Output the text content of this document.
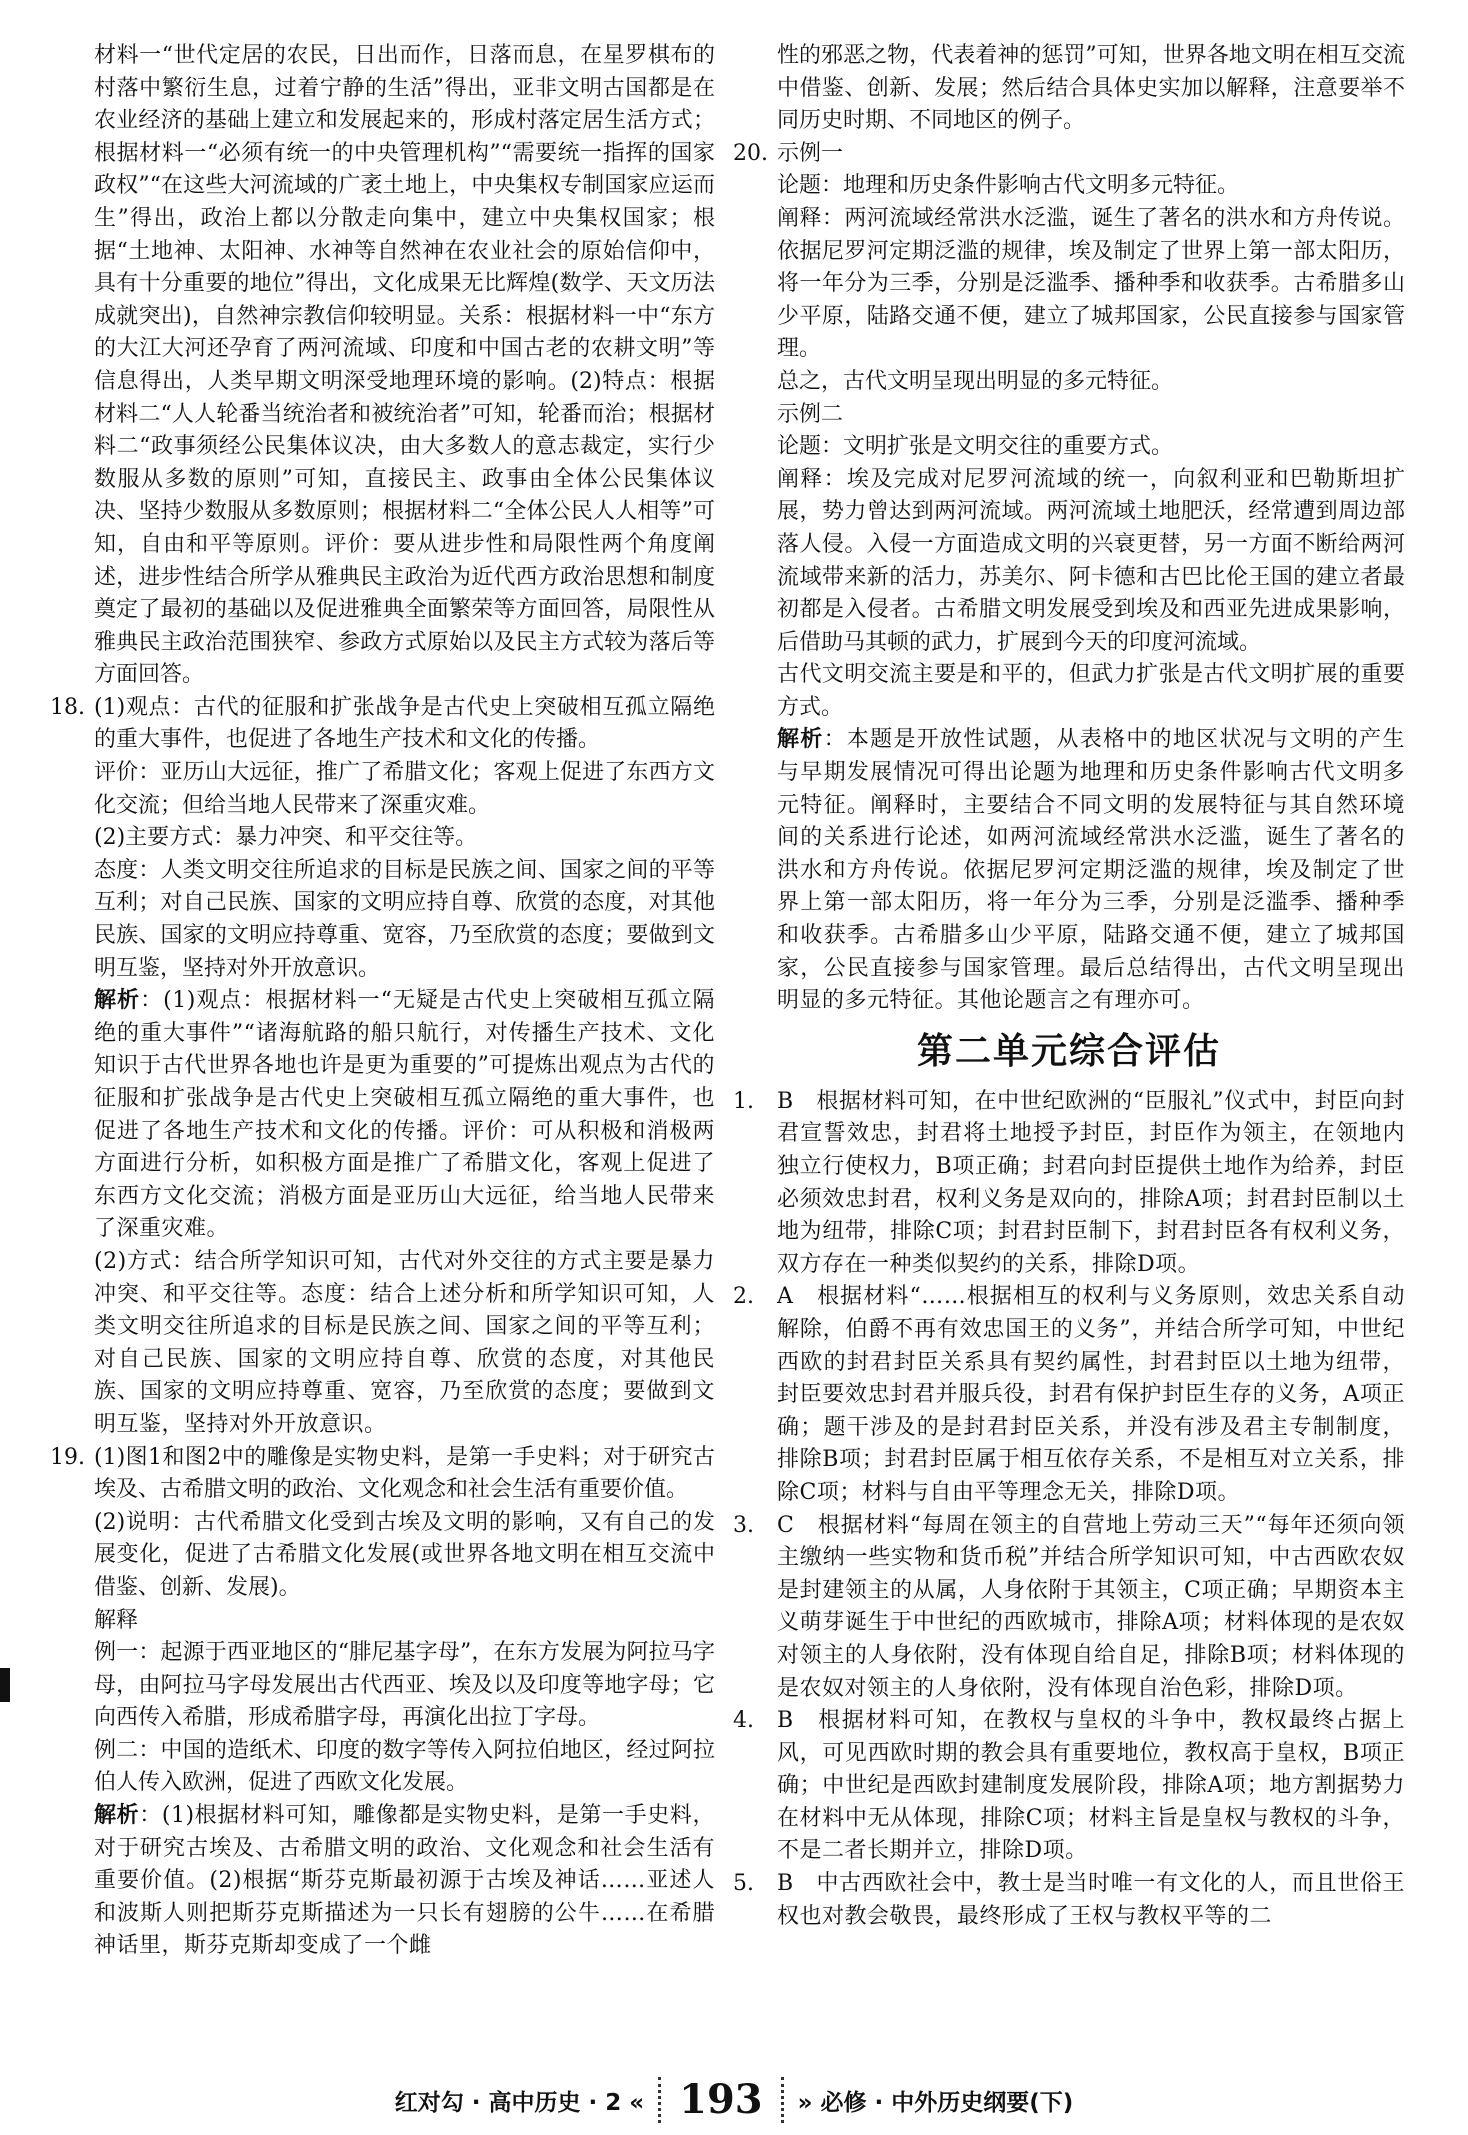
材料一“世代定居的农民，日出而作，日落而息，在星罗棋布的村落中繁衍生息，过着宁静的生活”得出，亚非文明古国都是在农业经济的基础上建立和发展起来的，形成村落定居生活方式；根据材料一“必须有统一的中央管理机构”“需要统一指挥的国家政权”“在这些大河流域的广袤土地上，中央集权专制国家应运而生”得出，政治上都以分散走向集中，建立中央集权国家；根据“土地神、太阳神、水神等自然神在农业社会的原始信仰中，具有十分重要的地位”得出，文化成果无比辉煌(数学、天文历法成就突出)，自然神宗教信仰较明显。关系：根据材料一中“东方的大江大河还孕育了两河流域、印度和中国古老的农耕文明”等信息得出，人类早期文明深受地理环境的影响。(2)特点：根据材料二“人人轮番当统治者和被统治者”可知，轮番而治；根据材料二“政事须经公民集体议决，由大多数人的意志裁定，实行少数服从多数的原则”可知，直接民主、政事由全体公民集体议决、坚持少数服从多数原则；根据材料二“全体公民人人相等”可知，自由和平等原则。评价：要从进步性和局限性两个角度阐述，进步性结合所学从雅典民主政治为近代西方政治思想和制度奠定了最初的基础以及促进雅典全面繁荣等方面回答，局限性从雅典民主政治范围狭窄、参政方式原始以及民主方式较为落后等方面回答。

18. (1)观点：古代的征服和扩张战争是古代史上突破相互孤立隔绝的重大事件，也促进了各地生产技术和文化的传播。

评价：亚历山大远征，推广了希腊文化；客观上促进了东西方文化交流；但给当地人民带来了深重灾难。

(2)主要方式：暴力冲突、和平交往等。

态度：人类文明交往所追求的目标是民族之间、国家之间的平等互利；对自己民族、国家的文明应持自尊、欣赏的态度，对其他民族、国家的文明应持尊重、宽容，乃至欣赏的态度；要做到文明互鉴，坚持对外开放意识。

解析：(1)观点：根据材料一“无疑是古代史上突破相互孤立隔绝的重大事件”“诸海航路的船只航行，对传播生产技术、文化知识于古代世界各地也许是更为重要的”可提炼出观点为古代的征服和扩张战争是古代史上突破相互孤立隔绝的重大事件，也促进了各地生产技术和文化的传播。评价：可从积极和消极两方面进行分析，如积极方面是推广了希腊文化，客观上促进了东西方文化交流；消极方面是亚历山大远征，给当地人民带来了深重灾难。

(2)方式：结合所学知识可知，古代对外交往的方式主要是暴力冲突、和平交往等。态度：结合上述分析和所学知识可知，人类文明交往所追求的目标是民族之间、国家之间的平等互利；对自己民族、国家的文明应持自尊、欣赏的态度，对其他民族、国家的文明应持尊重、宽容，乃至欣赏的态度；要做到文明互鉴，坚持对外开放意识。

19. (1)图1和图2中的雕像是实物史料，是第一手史料；对于研究古埃及、古希腊文明的政治、文化观念和社会生活有重要价值。

(2)说明：古代希腊文化受到古埃及文明的影响，又有自己的发展变化，促进了古希腊文化发展(或世界各地文明在相互交流中借鉴、创新、发展)。

解释

例一：起源于西亚地区的“腓尼基字母”，在东方发展为阿拉马字母，由阿拉马字母发展出古代西亚、埃及以及印度等地字母；它向西传入希腊，形成希腊字母，再演化出拉丁字母。

例二：中国的造纸术、印度的数字等传入阿拉伯地区，经过阿拉伯人传入欧洲，促进了西欧文化发展。

解析：(1)根据材料可知，雕像都是实物史料，是第一手史料，对于研究古埃及、古希腊文明的政治、文化观念和社会生活有重要价值。(2)根据“斯芬克斯最初源于古埃及神话……亚述人和波斯人则把斯芬克斯描述为一只长有翅膀的公牛……在希腊神话里，斯芬克斯却变成了一个雌

性的邪恶之物，代表着神的惩罚”可知，世界各地文明在相互交流中借鉴、创新、发展；然后结合具体史实加以解释，注意要举不同历史时期、不同地区的例子。

20. 示例一

论题：地理和历史条件影响古代文明多元特征。

阐释：两河流域经常洪水泛滥，诞生了著名的洪水和方舟传说。依据尼罗河定期泛滥的规律，埃及制定了世界上第一部太阳历，将一年分为三季，分别是泛滥季、播种季和收获季。古希腊多山少平原，陆路交通不便，建立了城邦国家，公民直接参与国家管理。

总之，古代文明呈现出明显的多元特征。

示例二

论题：文明扩张是文明交往的重要方式。

阐释：埃及完成对尼罗河流域的统一，向叙利亚和巴勒斯坦扩展，势力曾达到两河流域。两河流域土地肥沃，经常遭到周边部落人侵。入侵一方面造成文明的兴衰更替，另一方面不断给两河流域带来新的活力，苏美尔、阿卡德和古巴比伦王国的建立者最初都是入侵者。古希腊文明发展受到埃及和西亚先进成果影响，后借助马其顿的武力，扩展到今天的印度河流域。

古代文明交流主要是和平的，但武力扩张是古代文明扩展的重要方式。

解析：本题是开放性试题，从表格中的地区状况与文明的产生与早期发展情况可得出论题为地理和历史条件影响古代文明多元特征。阐释时，主要结合不同文明的发展特征与其自然环境间的关系进行论述，如两河流域经常洪水泛滥，诞生了著名的洪水和方舟传说。依据尼罗河定期泛滥的规律，埃及制定了世界上第一部太阳历，将一年分为三季，分别是泛滥季、播种季和收获季。古希腊多山少平原，陆路交通不便，建立了城邦国家，公民直接参与国家管理。最后总结得出，古代文明呈现出明显的多元特征。其他论题言之有理亦可。

第二单元综合评估
1. B　根据材料可知，在中世纪欧洲的“臣服礼”仪式中，封臣向封君宣誓效忠，封君将土地授予封臣，封臣作为领主，在领地内独立行使权力，B项正确；封君向封臣提供土地作为给养，封臣必须效忠封君，权利义务是双向的，排除A项；封君封臣制以土地为纽带，排除C项；封君封臣制下，封君封臣各有权利义务，双方存在一种类似契约的关系，排除D项。

2. A　根据材料“……根据相互的权利与义务原则，效忠关系自动解除，伯爵不再有效忠国王的义务”，并结合所学可知，中世纪西欧的封君封臣关系具有契约属性，封君封臣以土地为纽带，封臣要效忠封君并服兵役，封君有保护封臣生存的义务，A项正确；题干涉及的是封君封臣关系，并没有涉及君主专制制度，排除B项；封君封臣属于相互依存关系，不是相互对立关系，排除C项；材料与自由平等理念无关，排除D项。

3. C　根据材料“每周在领主的自营地上劳动三天”“每年还须向领主缴纳一些实物和货币税”并结合所学知识可知，中古西欧农奴是封建领主的从属，人身依附于其领主，C项正确；早期资本主义萌芽诞生于中世纪的西欧城市，排除A项；材料体现的是农奴对领主的人身依附，没有体现自给自足，排除B项；材料体现的是农奴对领主的人身依附，没有体现自治色彩，排除D项。

4. B　根据材料可知，在教权与皇权的斗争中，教权最终占据上风，可见西欧时期的教会具有重要地位，教权高于皇权，B项正确；中世纪是西欧封建制度发展阶段，排除A项；地方割据势力在材料中无从体现，排除C项；材料主旨是皇权与教权的斗争，不是二者长期并立，排除D项。

5. B　中古西欧社会中，教士是当时唯一有文化的人，而且世俗王权也对教会敬畏，最终形成了王权与教权平等的二

红对勾 · 高中历史 · 2 « 193	» 必修 · 中外历史纲要(下)
